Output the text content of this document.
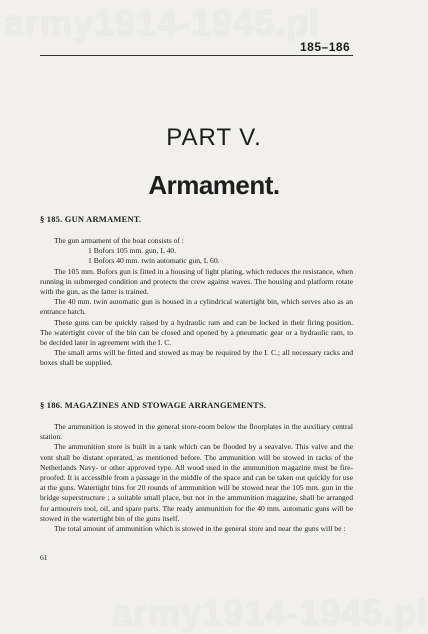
army1914-1945.pl
185–186
PART V.
Armament.
§ 185. GUN ARMAMENT.

The gun armament of the boat consists of :

1 Bofors 105 mm. gun, L 40.

1 Bofors 40 mm. twin automatic gun, L 60.

The 105 mm. Bofors gun is fitted in a housing of light plating, which reduces the resistance, when running in submerged condition and protects the crew against waves. The housing and platform rotate with the gun, as the latter is trained.

The 40 mm. twin automatic gun is housed in a cylindrical watertight bin, which serves also as an entrance hatch.

These guns can be quickly raised by a hydraulic ram and can be locked in their firing position. The watertight cover of the bin can be closed and opened by a pneumatic gear or a hydraulic ram, to be decided later in agreement with the I. C.

The small arms will be fitted and stowed as may be required by the I. C.; all necessary racks and boxes shall be supplied.

§ 186. MAGAZINES AND STOWAGE ARRANGEMENTS.

The ammunition is stowed in the general store-room below the floorplates in the auxiliary central station.

The ammunition store is built in a tank which can be flooded by a seavalve. This valve and the vent shall be distant operated, as mentioned before. The ammunition will be stowed in racks of the Netherlands Navy- or other approved type. All wood used in the ammunition magazine must be fire-proofed. It is accessible from a passage in the middle of the space and can be taken out quickly for use at the guns. Watertight bins for 20 rounds of ammunition will be stowed near the 105 mm. gun in the bridge superstructure ; a suitable small place, but not in the ammunition magazine, shall be arranged for armourers tool, oil, and spare parts. The ready ammunition for the 40 mm. automatic guns will be stowed in the watertight bin of the guns itself.

The total amount of ammunition which is stowed in the general store and near the guns will be :

61
army1914-1945.pl
